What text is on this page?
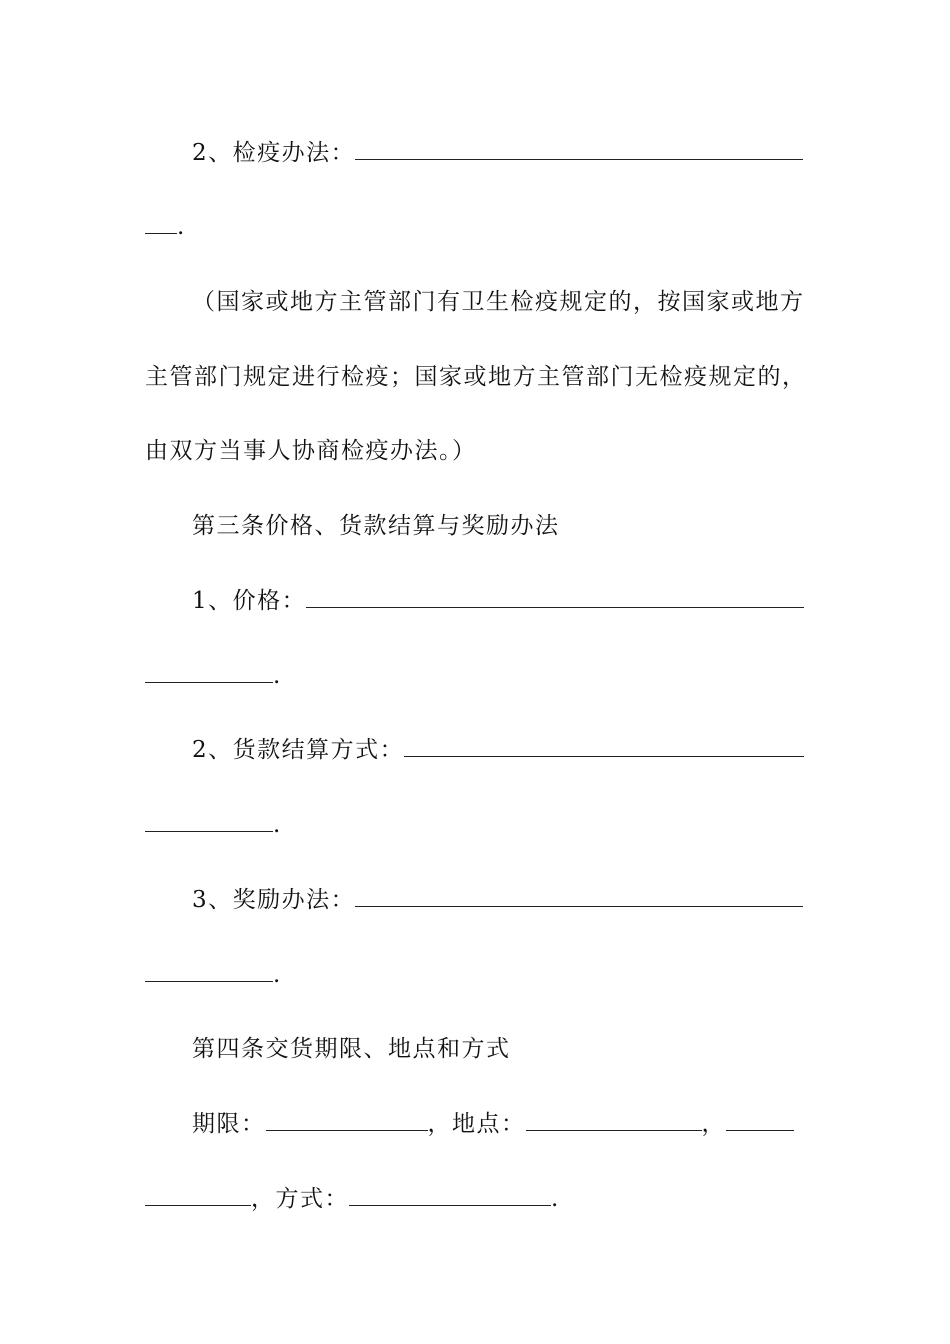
2、检疫办法：
.
（国家或地方主管部门有卫生检疫规定的，按国家或地方
主管部门规定进行检疫；国家或地方主管部门无检疫规定的，
由双方当事人协商检疫办法。）
第三条价格、货款结算与奖励办法
1、价格：
.
2、货款结算方式：
.
3、奖励办法：
.
第四条交货期限、地点和方式
期限：	，地点：	，
，方式：	.
